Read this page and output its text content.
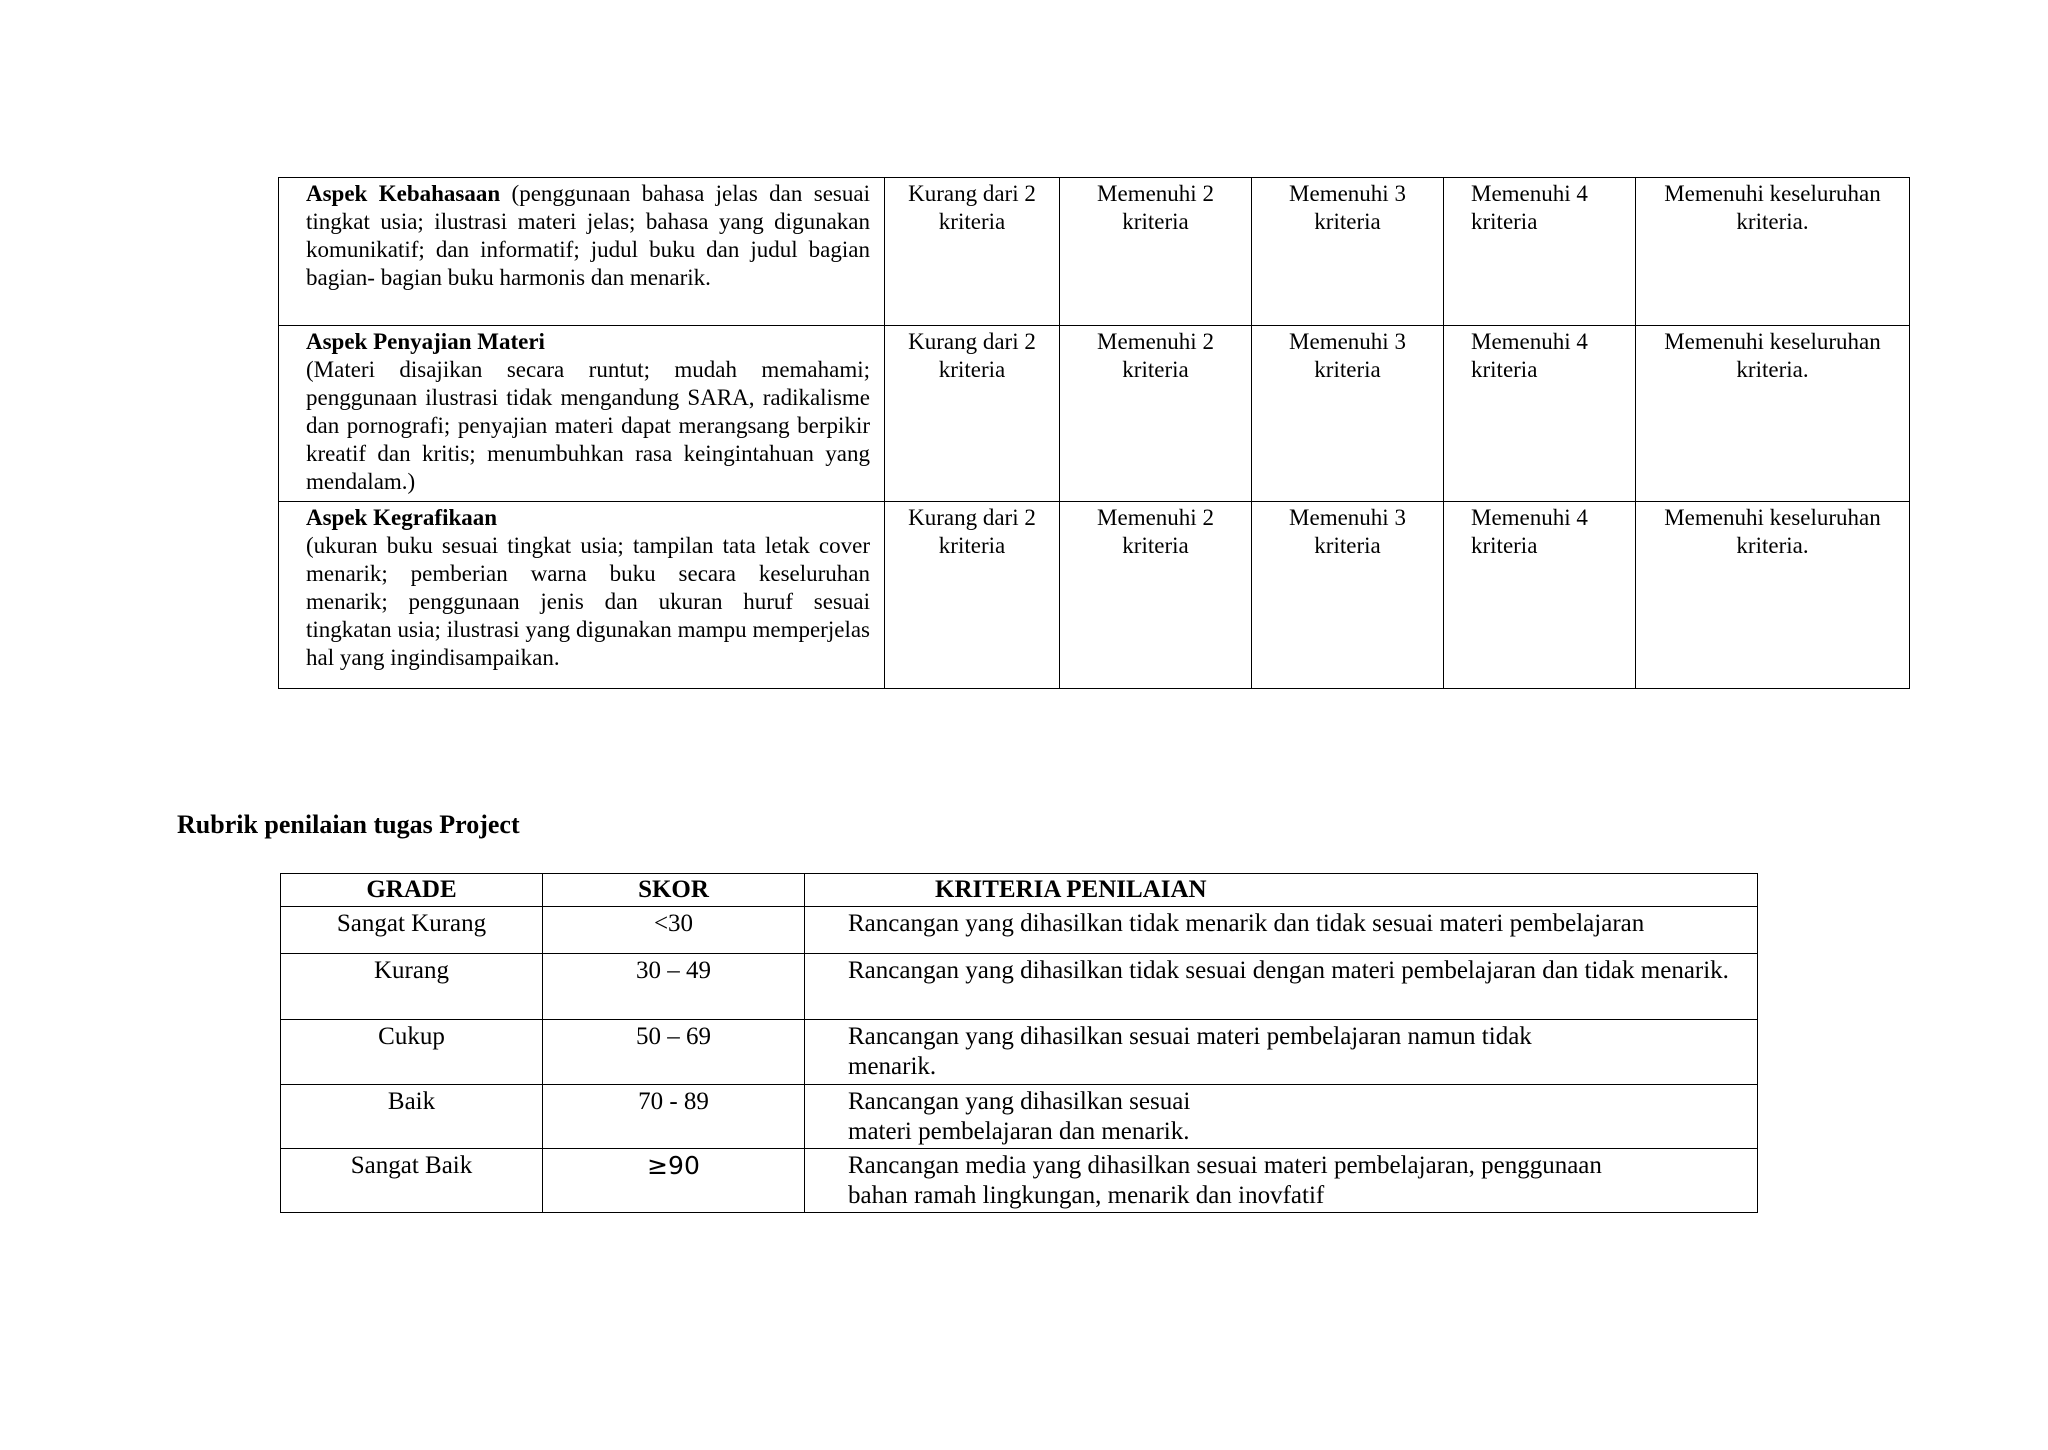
Aspek Kebahasaan (penggunaan bahasa jelas dan sesuai tingkat usia; ilustrasi materi jelas; bahasa yang digunakan komunikatif; dan informatif; judul buku dan judul bagian bagian- bagian buku harmonis dan menarik.	Kurang dari 2 kriteria	Memenuhi 2 kriteria	Memenuhi 3 kriteria	Memenuhi 4 kriteria	Memenuhi keseluruhan kriteria.

Aspek Penyajian Materi
(Materi disajikan secara runtut; mudah memahami; penggunaan ilustrasi tidak mengandung SARA, radikalisme dan pornografi; penyajian materi dapat merangsang berpikir kreatif dan kritis; menumbuhkan rasa keingintahuan yang mendalam.)	Kurang dari 2 kriteria	Memenuhi 2 kriteria	Memenuhi 3 kriteria	Memenuhi 4 kriteria	Memenuhi keseluruhan kriteria.

Aspek Kegrafikaan
(ukuran buku sesuai tingkat usia; tampilan tata letak cover menarik; pemberian warna buku secara keseluruhan menarik; penggunaan jenis dan ukuran huruf sesuai tingkatan usia; ilustrasi yang digunakan mampu memperjelas hal yang ingindisampaikan.	Kurang dari 2 kriteria	Memenuhi 2 kriteria	Memenuhi 3 kriteria	Memenuhi 4 kriteria	Memenuhi keseluruhan kriteria.
Rubrik penilaian tugas Project
GRADE	SKOR	KRITERIA PENILAIAN
Sangat Kurang	<30	Rancangan yang dihasilkan tidak menarik dan tidak sesuai materi pembelajaran
Kurang	30 – 49	Rancangan yang dihasilkan tidak sesuai dengan materi pembelajaran dan tidak menarik.
Cukup	50 – 69	Rancangan yang dihasilkan sesuai materi pembelajaran namun tidak menarik.
Baik	70 - 89	Rancangan yang dihasilkan sesuai
materi pembelajaran dan menarik.

Sangat Baik	≥90	Rancangan media yang dihasilkan sesuai materi pembelajaran, penggunaan bahan ramah lingkungan, menarik dan inovfatif
